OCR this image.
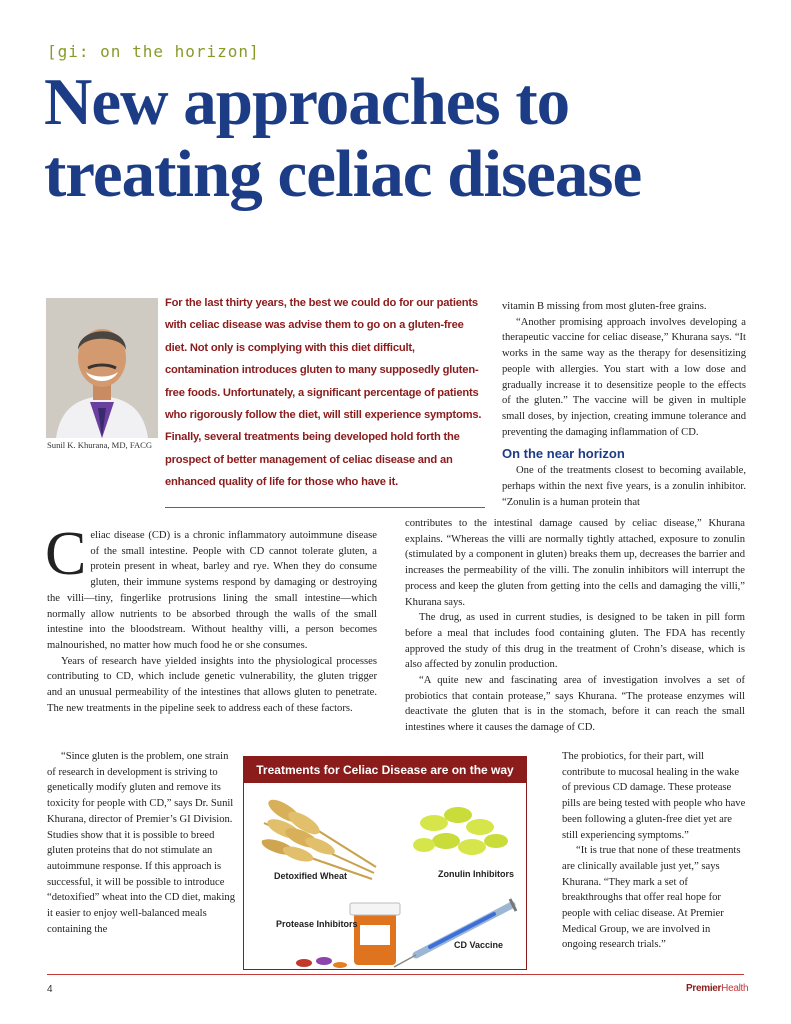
[gi: on the horizon]
New approaches to treating celiac disease
Sunil K. Khurana, MD, FACG
For the last thirty years, the best we could do for our patients with celiac disease was advise them to go on a gluten-free diet. Not only is complying with this diet difficult, contamination introduces gluten to many supposedly gluten-free foods. Unfortunately, a significant percentage of patients who rigorously follow the diet, will still experience symptoms. Finally, several treatments being developed hold forth the prospect of better management of celiac disease and an enhanced quality of life for those who have it.

vitamin B missing from most gluten-free grains.

“Another promising approach involves developing a therapeutic vaccine for celiac disease,” Khurana says. “It works in the same way as the therapy for desensitizing people with allergies. You start with a low dose and gradually increase it to desensitize people to the effects of the gluten.” The vaccine will be given in multiple small doses, by injection, creating immune tolerance and preventing the damaging inflammation of CD.

On the near horizon

One of the treatments closest to becoming available, perhaps within the next five years, is a zonulin inhibitor. “Zonulin is a human protein that

Celiac disease (CD) is a chronic inflammatory autoimmune disease of the small intestine. People with CD cannot tolerate gluten, a protein present in wheat, barley and rye. When they do consume gluten, their immune systems respond by damaging or destroying the villi—tiny, fingerlike protrusions lining the small intestine—which normally allow nutrients to be absorbed through the walls of the small intestine into the bloodstream. Without healthy villi, a person becomes malnourished, no matter how much food he or she consumes.

Years of research have yielded insights into the physiological processes contributing to CD, which include genetic vulnerability, the gluten trigger and an unusual permeability of the intestines that allows gluten to penetrate. The new treatments in the pipeline seek to address each of these factors.

contributes to the intestinal damage caused by celiac disease,” Khurana explains. “Whereas the villi are normally tightly attached, exposure to zonulin (stimulated by a component in gluten) breaks them up, decreases the barrier and increases the permeability of the villi. The zonulin inhibitors will interrupt the process and keep the gluten from getting into the cells and damaging the villi,” Khurana says.

The drug, as used in current studies, is designed to be taken in pill form before a meal that includes food containing gluten. The FDA has recently approved the study of this drug in the treatment of Crohn’s disease, which is also affected by zonulin production.

“A quite new and fascinating area of investigation involves a set of probiotics that contain protease,” says Khurana. “The protease enzymes will deactivate the gluten that is in the stomach, before it can reach the small intestines where it causes the damage of CD.

“Since gluten is the problem, one strain of research in development is striving to genetically modify gluten and remove its toxicity for people with CD,” says Dr. Sunil Khurana, director of Premier’s GI Division. Studies show that it is possible to breed gluten proteins that do not stimulate an autoimmune response. If this approach is successful, it will be possible to introduce “detoxified” wheat into the CD diet, making it easier to enjoy well-balanced meals containing the

The probiotics, for their part, will contribute to mucosal healing in the wake of previous CD damage. These protease pills are being tested with people who have been following a gluten-free diet yet are still experiencing symptoms.”

“It is true that none of these treatments are clinically available just yet,” says Khurana. “They mark a set of breakthroughs that offer real hope for people with celiac disease. At Premier Medical Group, we are involved in ongoing research trials.”

Treatments for Celiac Disease are on the way
Detoxified Wheat	Zonulin Inhibitors
Protease Inhibitors
CD Vaccine
4	PremierHealth
